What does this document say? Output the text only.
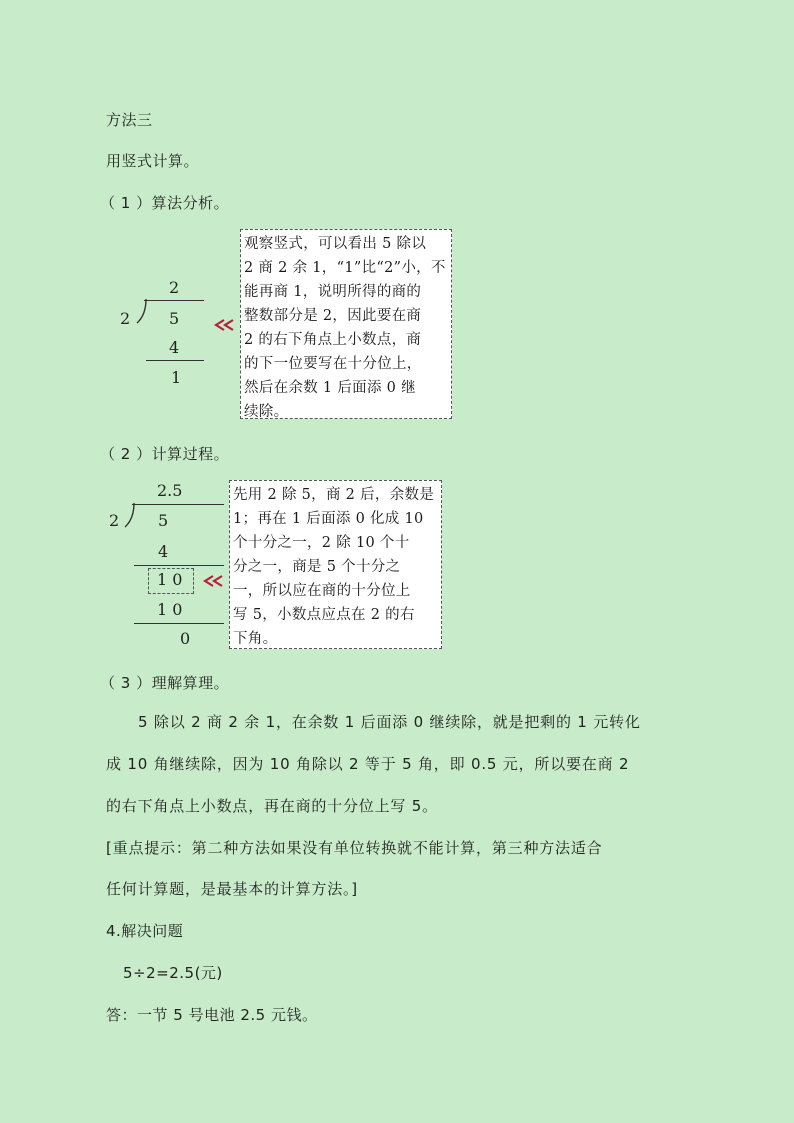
方法三
用竖式计算。
（ 1 ）算法分析。
2
2 5
4
1
观察竖式，可以看出 5 除以
2 商 2 余 1，“1”比“2”小，不
能再商 1，说明所得的商的
整数部分是 2，因此要在商
2 的右下角点上小数点，商
的下一位要写在十分位上，
然后在余数 1 后面添 0 继
续除。
（ 2 ）计算过程。
2.5
2 5
4
1 0
1 0
0
先用 2 除 5，商 2 后，余数是
1；再在 1 后面添 0 化成 10
个十分之一，2 除 10 个十
分之一，商是 5 个十分之
一，所以应在商的十分位上
写 5，小数点应点在 2 的右
下角。
（ 3 ）理解算理。
5 除以 2 商 2 余 1，在余数 1 后面添 0 继续除，就是把剩的 1 元转化
成 10 角继续除，因为 10 角除以 2 等于 5 角，即 0.5 元，所以要在商 2
的右下角点上小数点，再在商的十分位上写 5。
[重点提示：第二种方法如果没有单位转换就不能计算，第三种方法适合
任何计算题，是最基本的计算方法。]
4.解决问题
5÷2=2.5(元)
答：一节 5 号电池 2.5 元钱。
